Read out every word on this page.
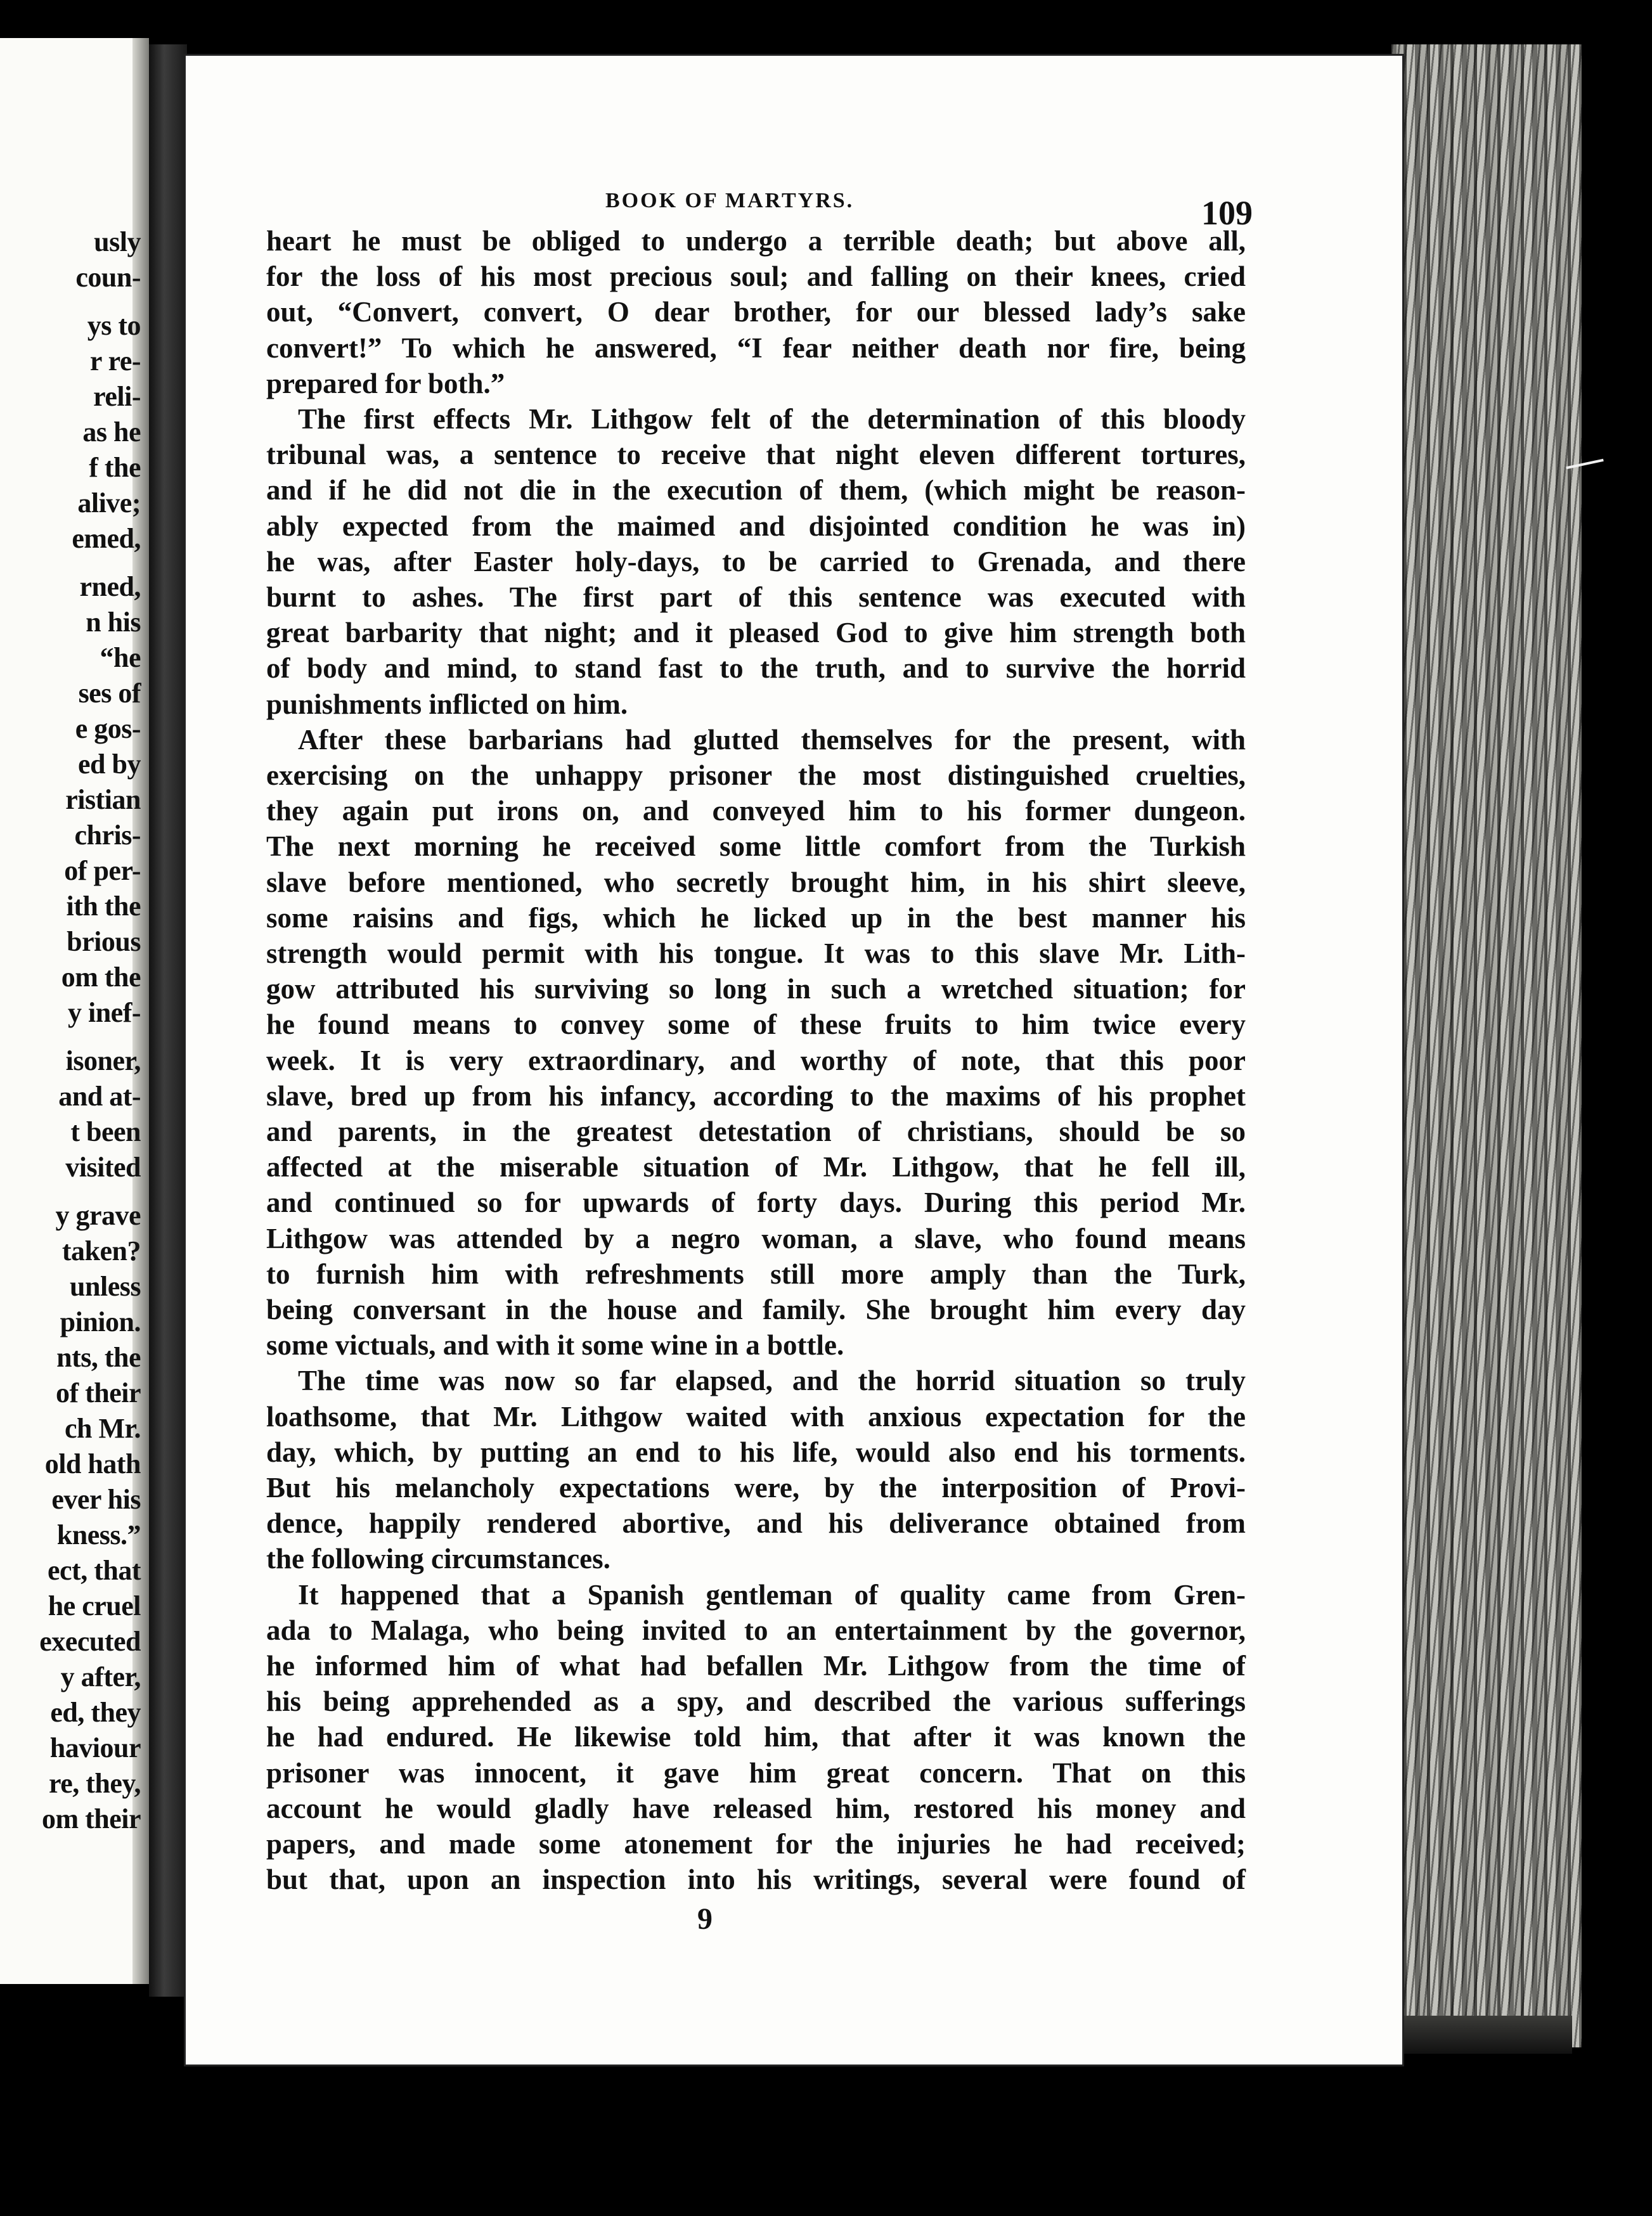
BOOK OF MARTYRS.	109
9
usly
coun-
ys to
r re-
reli-
as he
f the
alive;
emed,
rned,
n his
“he
ses of
e gos-
ed by
ristian
chris-
of per-
ith the
brious
om the
y inef-
isoner,
and at-
t been
visited
y grave
taken?
unless
pinion.
nts, the
of their
ch Mr.
old hath
ever his
kness.”
ect, that
he cruel
executed
y after,
ed, they
haviour
re, they,
om their
heart he must be obliged to undergo a terrible death; but above all,
for the loss of his most precious soul; and falling on their knees, cried
out, “Convert, convert, O dear brother, for our blessed lady’s sake
convert!” To which he answered, “I fear neither death nor fire, being
prepared for both.”
The first effects Mr. Lithgow felt of the determination of this bloody
tribunal was, a sentence to receive that night eleven different tortures,
and if he did not die in the execution of them, (which might be reason-
ably expected from the maimed and disjointed condition he was in)
he was, after Easter holy-days, to be carried to Grenada, and there
burnt to ashes. The first part of this sentence was executed with
great barbarity that night; and it pleased God to give him strength both
of body and mind, to stand fast to the truth, and to survive the horrid
punishments inflicted on him.
After these barbarians had glutted themselves for the present, with
exercising on the unhappy prisoner the most distinguished cruelties,
they again put irons on, and conveyed him to his former dungeon.
The next morning he received some little comfort from the Turkish
slave before mentioned, who secretly brought him, in his shirt sleeve,
some raisins and figs, which he licked up in the best manner his
strength would permit with his tongue. It was to this slave Mr. Lith-
gow attributed his surviving so long in such a wretched situation; for
he found means to convey some of these fruits to him twice every
week. It is very extraordinary, and worthy of note, that this poor
slave, bred up from his infancy, according to the maxims of his prophet
and parents, in the greatest detestation of christians, should be so
affected at the miserable situation of Mr. Lithgow, that he fell ill,
and continued so for upwards of forty days. During this period Mr.
Lithgow was attended by a negro woman, a slave, who found means
to furnish him with refreshments still more amply than the Turk,
being conversant in the house and family. She brought him every day
some victuals, and with it some wine in a bottle.
The time was now so far elapsed, and the horrid situation so truly
loathsome, that Mr. Lithgow waited with anxious expectation for the
day, which, by putting an end to his life, would also end his torments.
But his melancholy expectations were, by the interposition of Provi-
dence, happily rendered abortive, and his deliverance obtained from
the following circumstances.
It happened that a Spanish gentleman of quality came from Gren-
ada to Malaga, who being invited to an entertainment by the governor,
he informed him of what had befallen Mr. Lithgow from the time of
his being apprehended as a spy, and described the various sufferings
he had endured. He likewise told him, that after it was known the
prisoner was innocent, it gave him great concern. That on this
account he would gladly have released him, restored his money and
papers, and made some atonement for the injuries he had received;
but that, upon an inspection into his writings, several were found of
